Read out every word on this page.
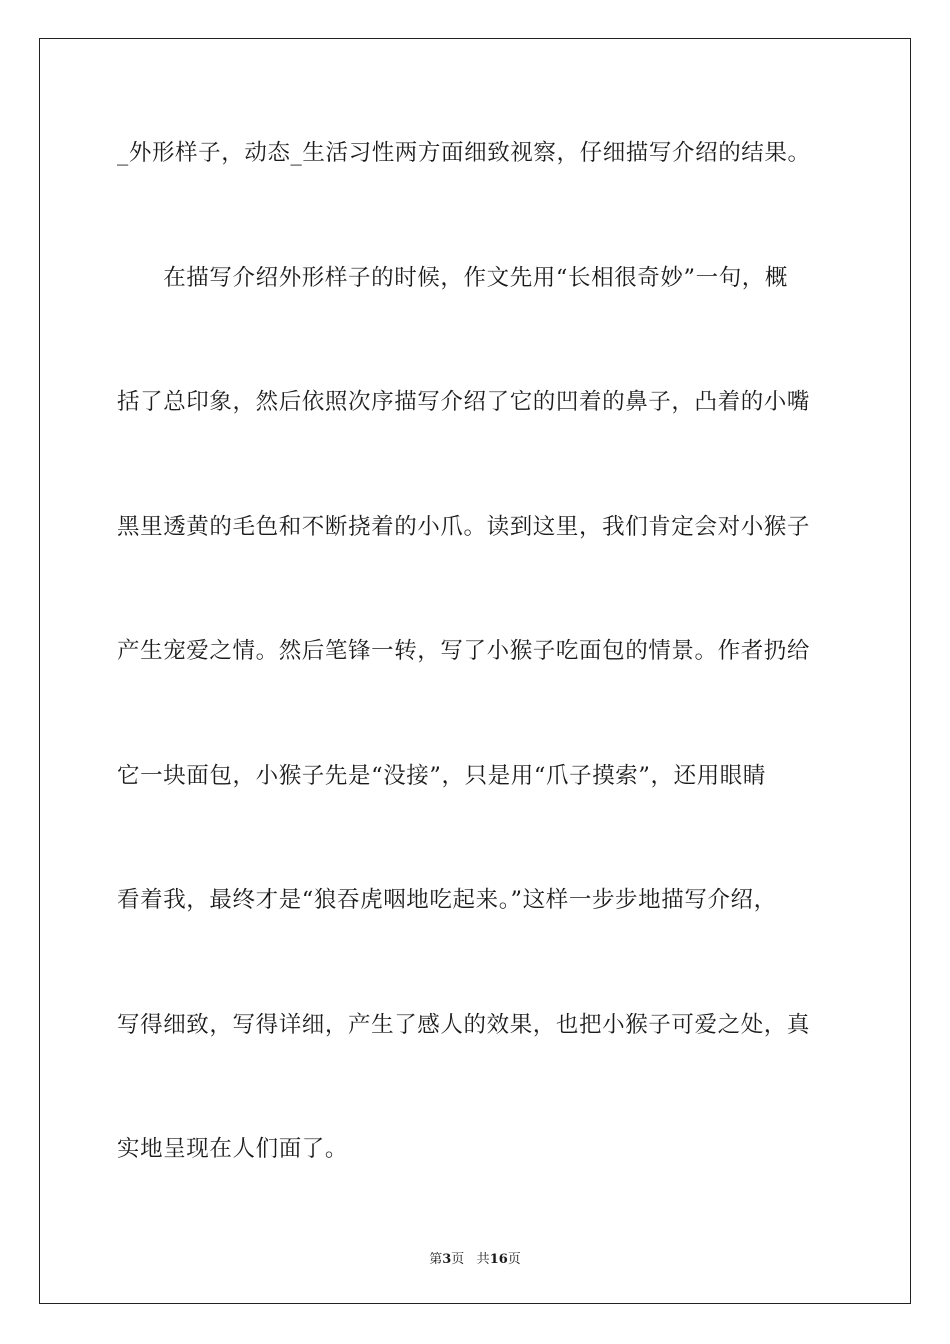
_外形样子，动态_生活习性两方面细致视察，仔细描写介绍的结果。
　　在描写介绍外形样子的时候，作文先用“长相很奇妙”一句，概
括了总印象，然后依照次序描写介绍了它的凹着的鼻子，凸着的小嘴
黑里透黄的毛色和不断挠着的小爪。读到这里，我们肯定会对小猴子
产生宠爱之情。然后笔锋一转，写了小猴子吃面包的情景。作者扔给
它一块面包，小猴子先是“没接”，只是用“爪子摸索”，还用眼睛
看着我，最终才是“狼吞虎咽地吃起来。”这样一步步地描写介绍，
写得细致，写得详细，产生了感人的效果，也把小猴子可爱之处，真
实地呈现在人们面了。
第3页 共16页
